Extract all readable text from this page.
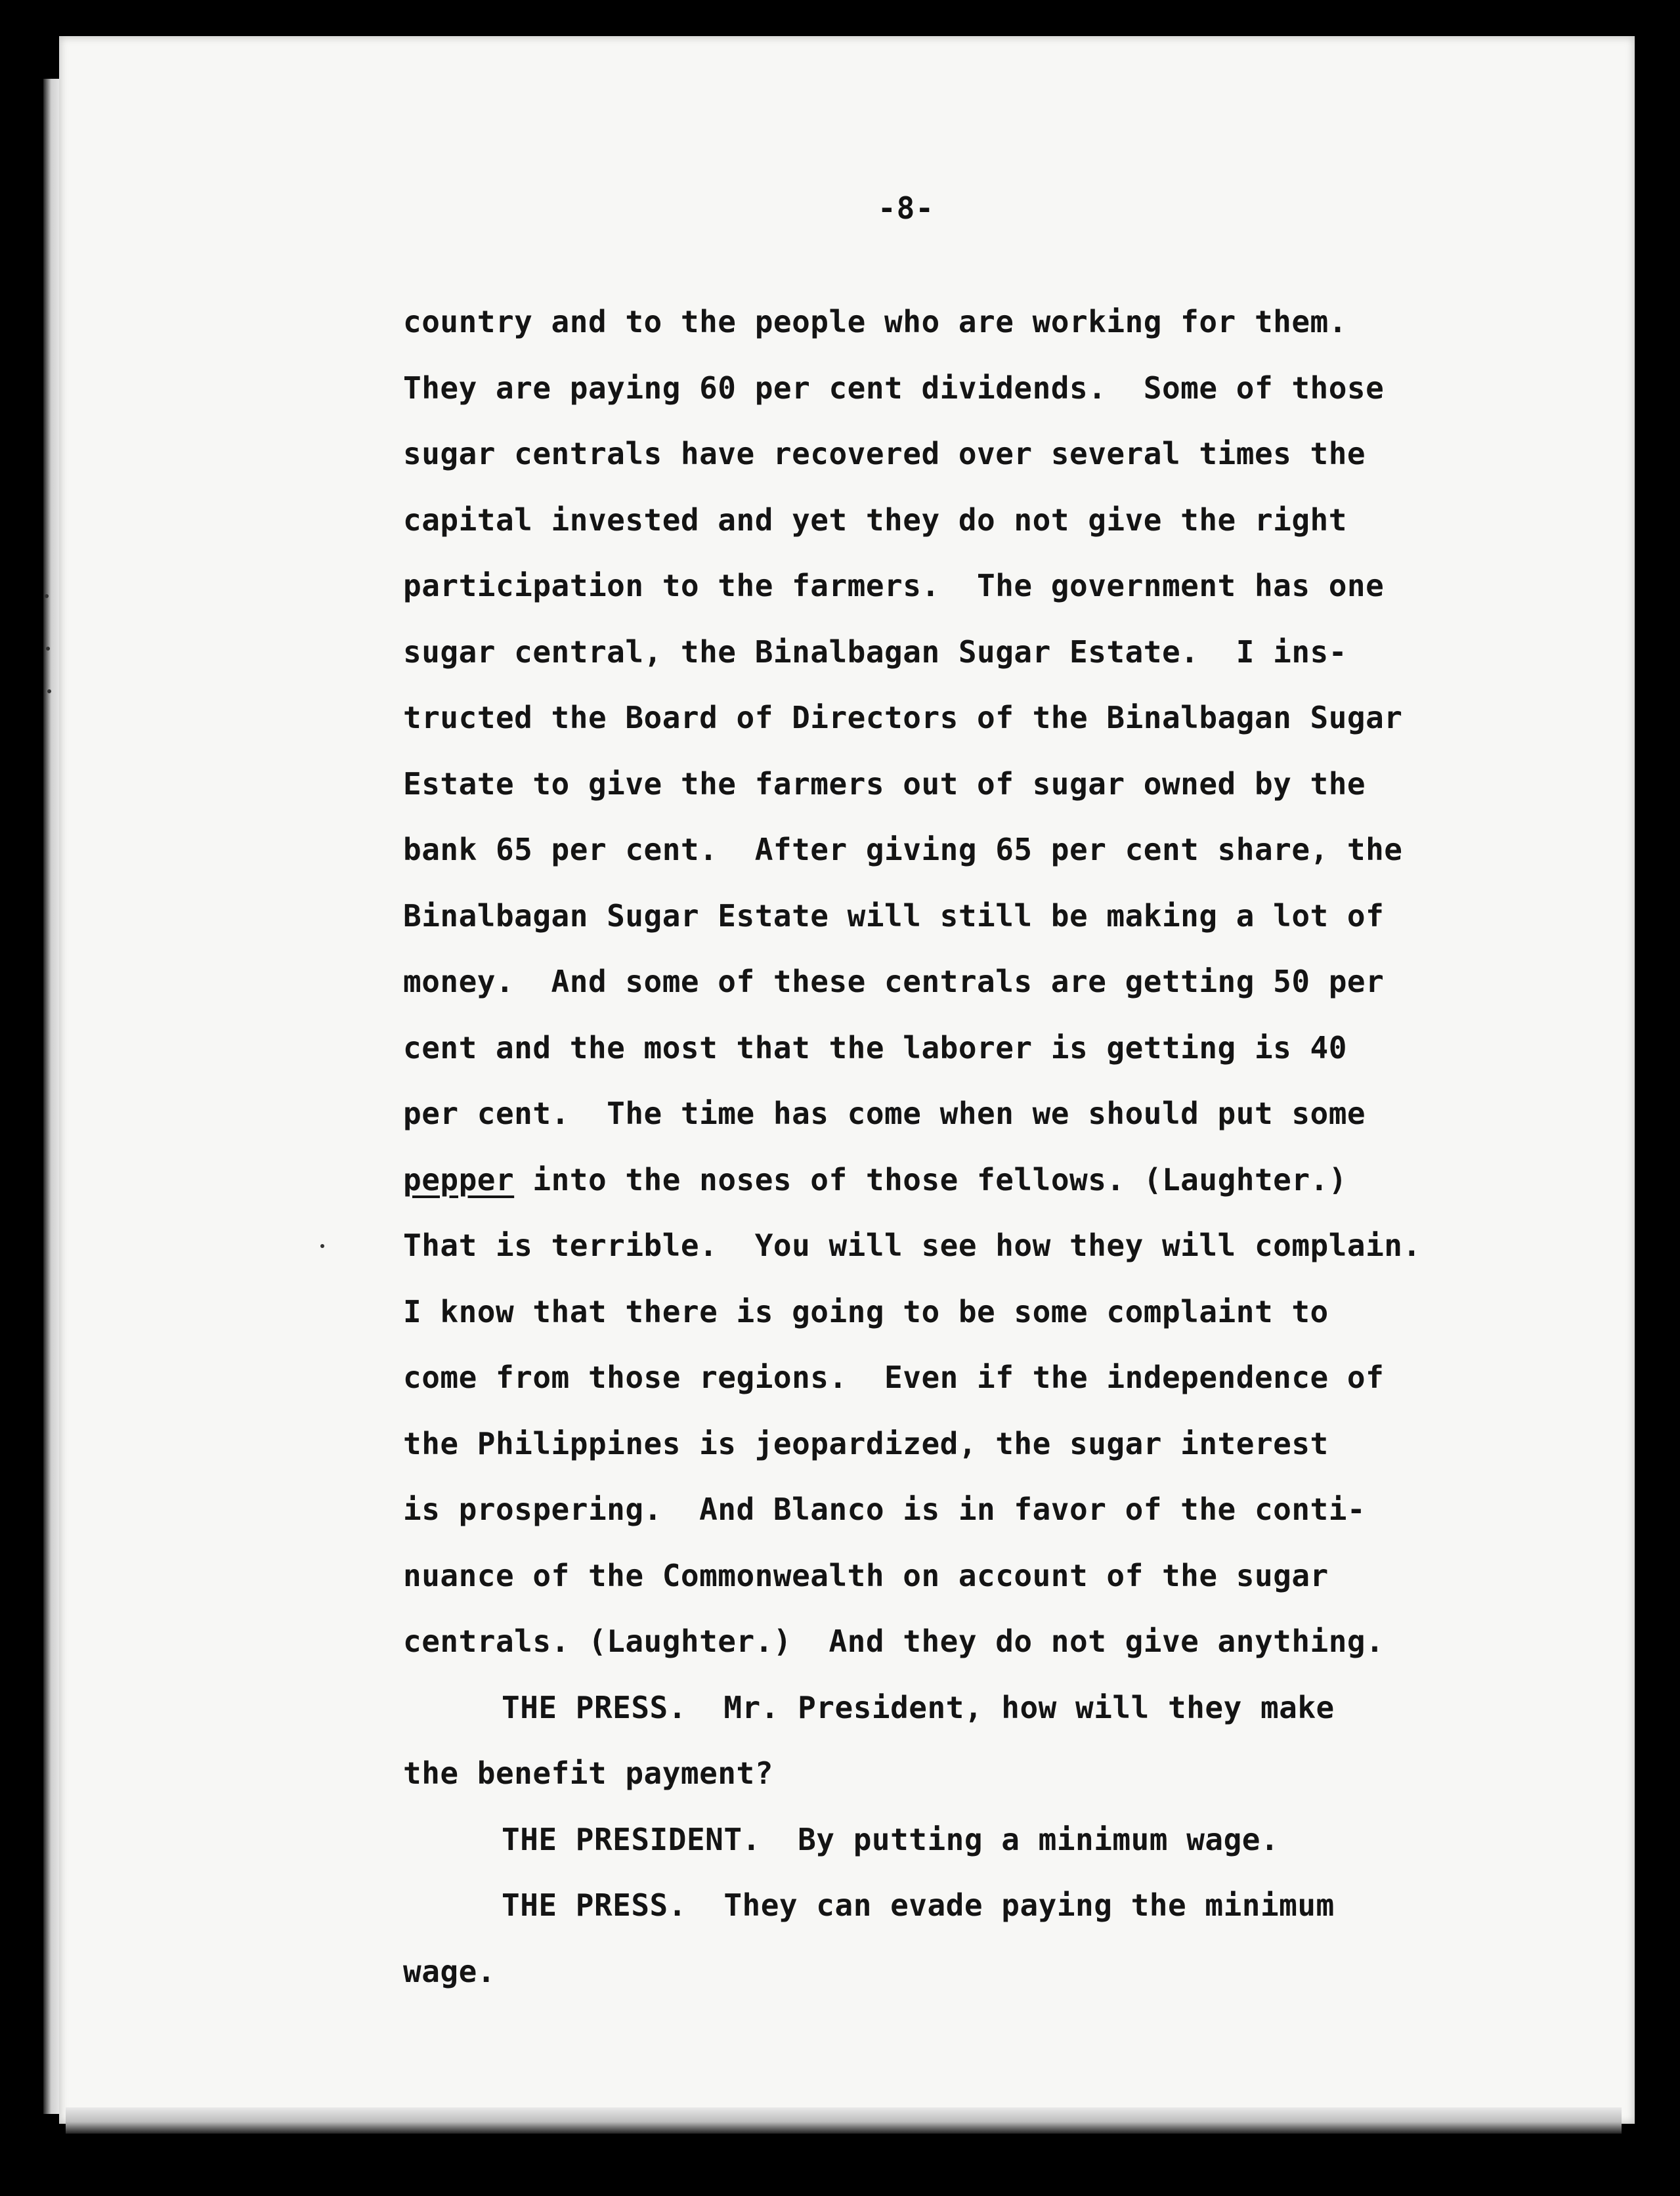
-8-
country and to the people who are working for them.
They are paying 60 per cent dividends.  Some of those
sugar centrals have recovered over several times the
capital invested and yet they do not give the right
participation to the farmers.  The government has one
sugar central, the Binalbagan Sugar Estate.  I ins-
tructed the Board of Directors of the Binalbagan Sugar
Estate to give the farmers out of sugar owned by the
bank 65 per cent.  After giving 65 per cent share, the
Binalbagan Sugar Estate will still be making a lot of
money.  And some of these centrals are getting 50 per
cent and the most that the laborer is getting is 40
per cent.  The time has come when we should put some
pepper into the noses of those fellows. (Laughter.)
That is terrible.  You will see how they will complain.
I know that there is going to be some complaint to
come from those regions.  Even if the independence of
the Philippines is jeopardized, the sugar interest
is prospering.  And Blanco is in favor of the conti-
nuance of the Commonwealth on account of the sugar
centrals. (Laughter.)  And they do not give anything.
THE PRESS.  Mr. President, how will they make
the benefit payment?
THE PRESIDENT.  By putting a minimum wage.
THE PRESS.  They can evade paying the minimum
wage.
